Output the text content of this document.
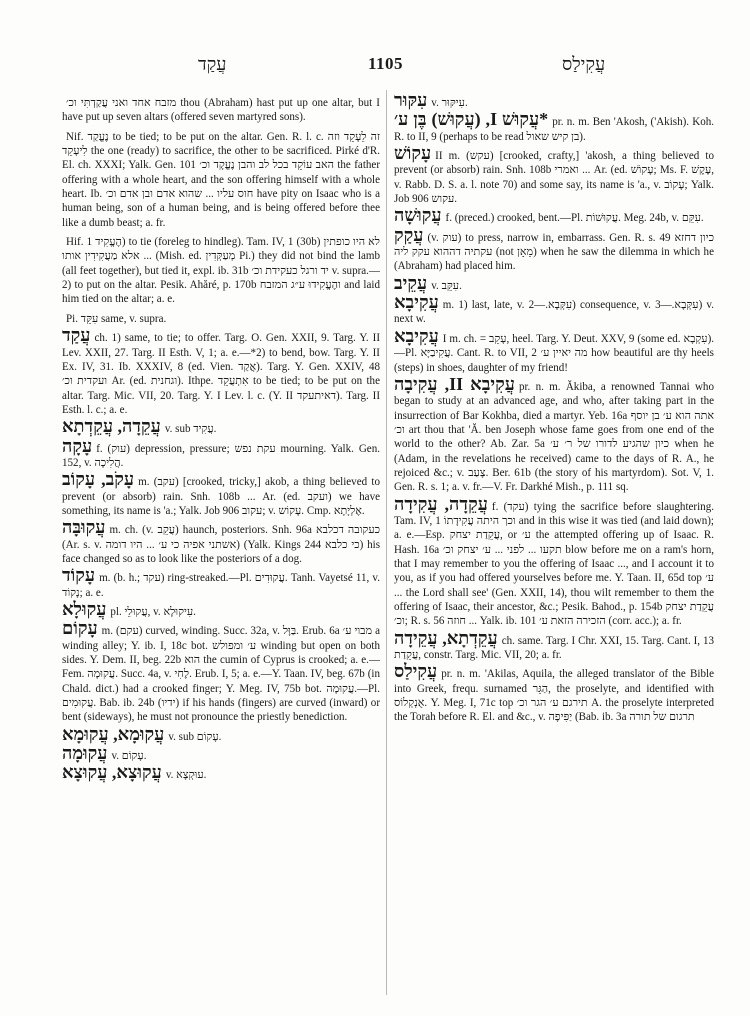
עֲקַד	1105	עֲקִילַס

מזבח אחד ואני עֲקַדְתִּי וכ׳ thou (Abraham) hast put up one altar, but I have put up seven altars (offered seven martyred sons).

Nif. נֶעֱקַד to be tied; to be put on the altar. Gen. R. l. c. זה לֵעָקֵד וזה לִיעָקֵד the one (ready) to sacrifice, the other to be sacrificed. Pirké d'R. El. ch. XXXI; Yalk. Gen. 101 האב עוֹקֵד בכל לב והבן נֶעֱקָד וכ׳ the father offering with a whole heart, and the son offering himself with a whole heart. Ib. חוס עליו ... שהוא אדם ובן אדם וכ׳ have pity on Isaac who is a human being, son of a human being, and is being offered before thee like a dumb beast; a. fr.

Hif. הֶעֱקִיד 1) to tie (foreleg to hindleg). Tam. IV, 1 (30b) לא היו כופתין ... אלא מַעֲקִידִין אותו (Mish. ed. מְעַקְּדִין Pi.) they did not bind the lamb (all feet together), but tied it, expl. ib. 31b יד ורגל כעקידת וכ׳ v. supra.—2) to put on the altar. Pesik. Ahăré, p. 170b והֶעֱקִידוּ ע״ג המזבח and laid him tied on the altar; a. e.

Pi. עִקֵּד same, v. supra.

עֲקַד ch. 1) same, to tie; to offer. Targ. O. Gen. XXII, 9. Targ. Y. II Lev. XXII, 27. Targ. II Esth. V, 1; a. e.—*2) to bend, bow. Targ. Y. II Ex. IV, 31. Ib. XXXIV, 8 (ed. Vien. אֲקַד). Targ. Y. Gen. XXIV, 48 ועקדית וכ׳ Ar. (ed. וגחנית). Ithpe. אִתְעֲקֵד to be tied; to be put on the altar. Targ. Mic. VII, 20. Targ. Y. I Lev. l. c. (Y. II דאיתעקד). Targ. II Esth. l. c.; a. e.

עֲקֵדָה, עֲקֵדְתָא v. sub עֲקִיד.

עָקָה f. (עוק) depression, pressure; עקת נפש mourning. Yalk. Gen. 152, v. הֲלִיכָה.

עָקֹב, עָקוֹב m. (עקב) [crooked, tricky,] akob, a thing believed to prevent (or absorb) rain. Snh. 108b ... Ar. (ed. ועקב) we have something, its name is 'a.; Yalk. Job 906 עקוב; v. עָקוֹש. Cmp. אֶלְיָתָא.

עֲקוּבָּה m. ch. (v. עֲקֵב) haunch, posteriors. Snh. 96a כעקובה דכלבא (Ar. s. v. אשתני אפיה כי ע׳ ... היו דומה) (Yalk. Kings 244 כי כלבא) his face changed so as to look like the posteriors of a dog.

עָקוֹד m. (b. h.; עקד) ring-streaked.—Pl. עֲקוּדִים. Tanh. Vayetsé 11, v. נָקוֹד; a. e.

עֲקוּלָא pl. עֲקוּלֵי, v. עִיקוּלָא.

עָקוֹם m. (עקם) curved, winding. Succ. 32a, v. בַּוָּל. Erub. 6a מבוי ע׳ a winding alley; Y. ib. I, 18c bot. ע׳ ומפולש winding but open on both sides. Y. Dem. II, beg. 22b הוא the cumin of Cyprus is crooked; a. e.—Fem. עֲקוּמָה. Succ. 4a, v. לֶחִי. Erub. I, 5; a. e.—Y. Taan. IV, beg. 67b (in Chald. dict.) had a crooked finger; Y. Meg. IV, 75b bot. עֲקוּמָה.—Pl. עֲקוּמִים. Bab. ib. 24b (ידיו) if his hands (fingers) are curved (inward) or bent (sideways), he must not pronounce the priestly benediction.

עֲקוּמָא, עֲקוּמָא v. sub עָקוֹם.

עֲקוּמָה v. עָקוֹם.

עֲקוּצָא, עֲקוּצָא v. עוּקְצָא.

עִקּוּר v. עִיקּוּר.

*עֲקוּשׁ I, (עֲקוּשׁ) בֶּן ע׳ pr. n. m. Ben 'Akosh, ('Akish). Koh. R. to II, 9 (perhaps to be read בן קיש שאול).

עָקוֹשׁ II m. (עקש) [crooked, crafty,] 'akosh, a thing believed to prevent (or absorb) rain. Snh. 108b ואמרי ... Ar. (ed. עָקוֹשׁ; Ms. F. עֶקֶשׁ, v. Rabb. D. S. a. l. note 70) and some say, its name is 'a., v. עָקוֹב; Yalk. Job 906 עקוש.

עֲקוּשָׁה f. (preced.) crooked, bent.—Pl. עֲקוּשׁוֹת. Meg. 24b, v. עִקֵּם.

עֲקַק (v. עוק) to press, narrow in, embarrass. Gen. R. s. 49 כיון דחזא עקתיה דההוא עקק ליה (not מֵאָן) when he saw the dilemma in which he (Abraham) had placed him.

עֲקֵיב v. עִקֵּב.

עֲקִיבָא m. 1) last, late, v. עִקְּבָא.—2) consequence, v. עִקְּבָא.—3) v. next w.

עֲקִיבָא I m. ch. = עָקֵב, heel. Targ. Y. Deut. XXV, 9 (some ed. עִקְבָא).—Pl. עֲקִיבַיָּא. Cant. R. to VII, 2 מה יאיין ע׳ how beautiful are thy heels (steps) in shoes, daughter of my friend!

עֲקִיבָא II, עֲקִיבָה pr. n. m. Ăkiba, a renowned Tannai who began to study at an advanced age, and who, after taking part in the insurrection of Bar Kokhba, died a martyr. Yeb. 16a אתה הוא ע׳ בן יוסף וכ׳ art thou that 'Ă. ben Joseph whose fame goes from one end of the world to the other? Ab. Zar. 5a כיון שהגיע לדורו של ר׳ ע׳ when he (Adam, in the revelations he received) came to the days of R. A., he rejoiced &c.; v. צָעַב. Ber. 61b (the story of his martyrdom). Sot. V, 1. Gen. R. s. 1; a. v. fr.—V. Fr. Darkhé Mish., p. 111 sq.

עֲקֵדָה, עֲקִידָה f. (עקד) tying the sacrifice before slaughtering. Tam. IV, 1 וכך היתה עֲקִידָתוֹ and in this wise it was tied (and laid down); a. e.—Esp. עֲקֵדַת יצחק, or ע׳ the attempted offering up of Isaac. R. Hash. 16a תקעו ... לפני ... ע׳ יצחק וכ׳ blow before me on a ram's horn, that I may remember to you the offering of Isaac ..., and I account it to you, as if you had offered yourselves before me. Y. Taan. II, 65d top ע׳ ... the Lord shall see' (Gen. XXII, 14), thou wilt remember to them the offering of Isaac, their ancestor, &c.; Pesik. Bahod., p. 154b עֲקֵדַת יצחק וכ׳; R. s. 56 חוזה ... Yalk. ib. 101 הזכירה הזאת ע׳ (corr. acc.); a. fr.

עֲקֵדְתָא, עֲקֵידָה ch. same. Targ. I Chr. XXI, 15. Targ. Cant. I, 13 עֲקֵדַת, constr. Targ. Mic. VII, 20; a. fr.

עֲקִילַס pr. n. m. 'Akilas, Aquila, the alleged translator of the Bible into Greek, frequ. surnamed הַגֵּר, the proselyte, and identified with אֻנְקְלוֹס. Y. Meg. I, 71c top תירגם ע׳ הגר וכ׳ A. the proselyte interpreted the Torah before R. El. and &c., v. יַפִּיפָה (Bab. ib. 3a תרגום של תורה
